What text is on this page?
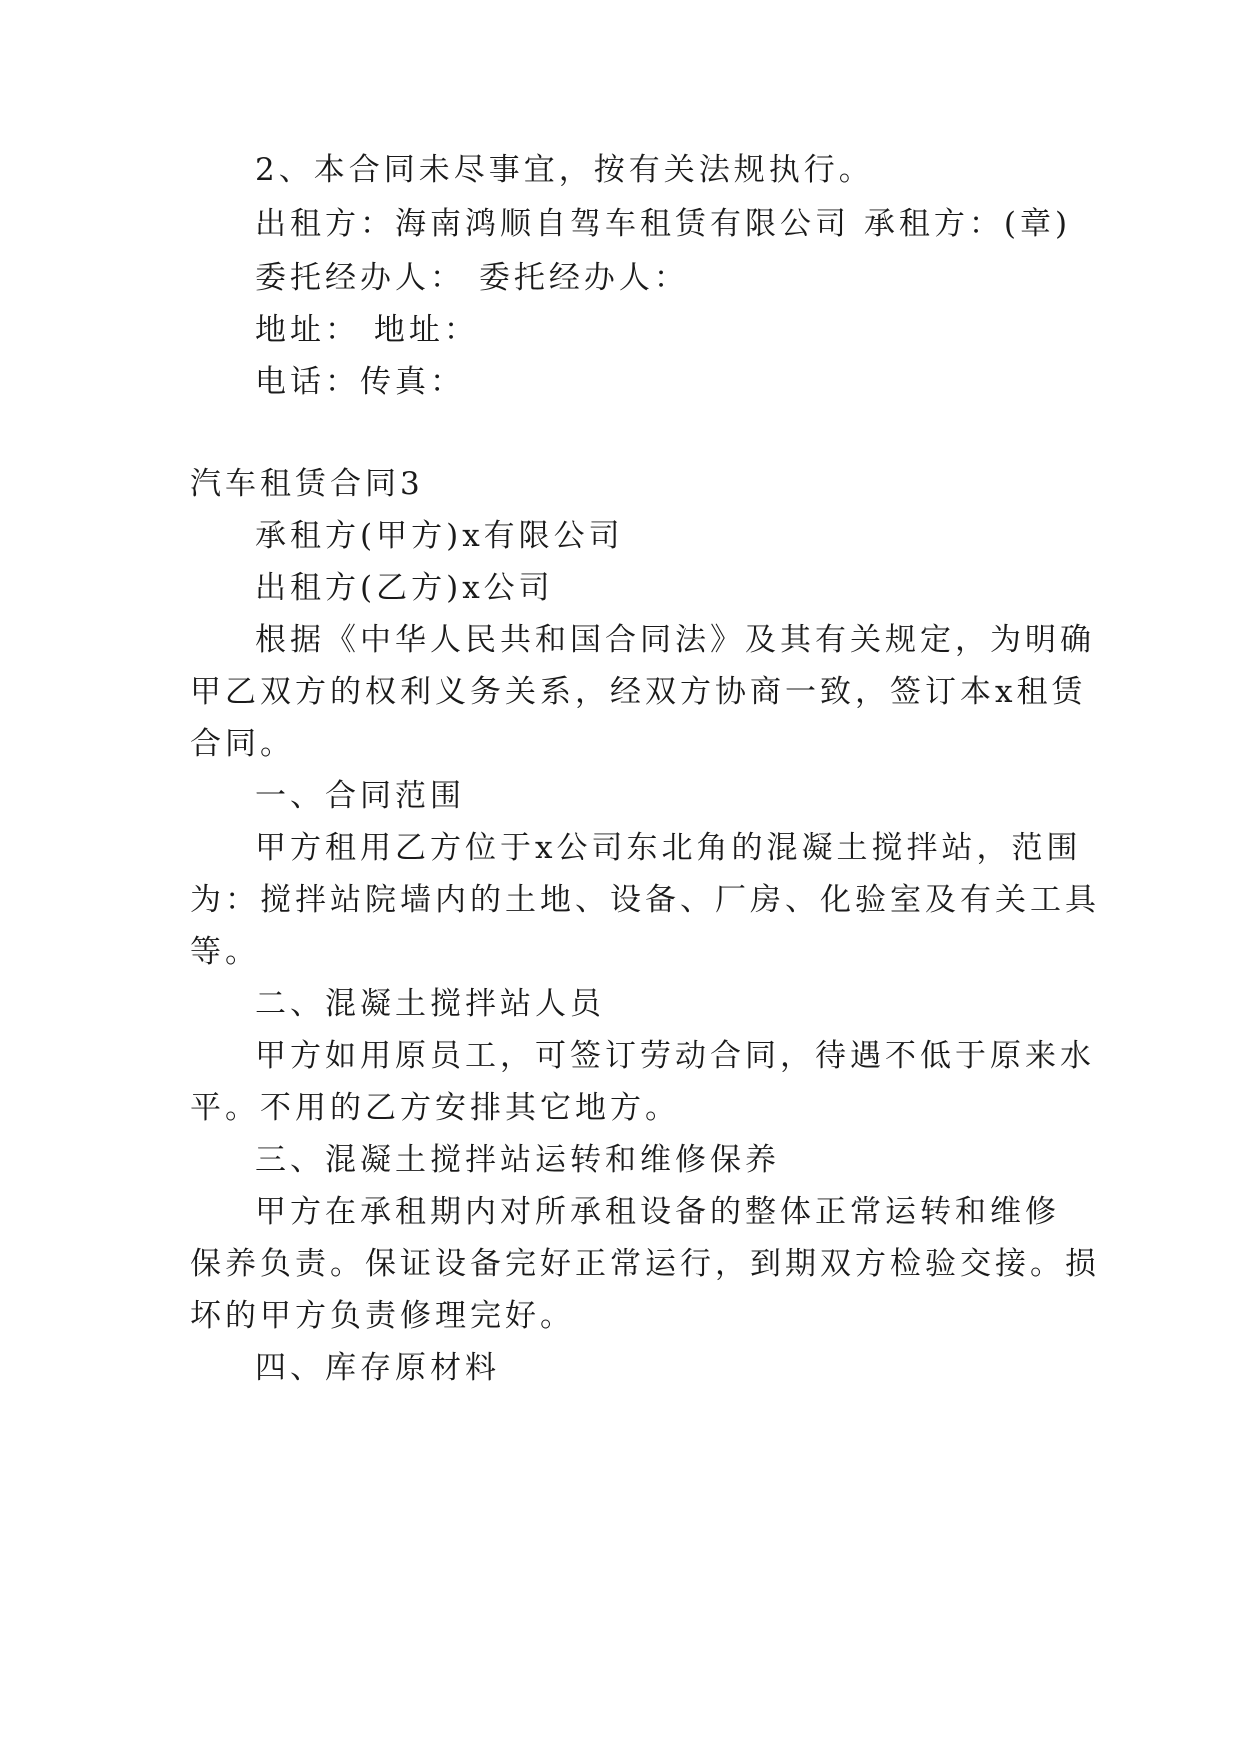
2、本合同未尽事宜，按有关法规执行。
出租方：海南鸿顺自驾车租赁有限公司 承租方：(章)
委托经办人： 委托经办人：
地址： 地址：
电话：传真：
汽车租赁合同3
承租方(甲方)x有限公司
出租方(乙方)x公司
根据《中华人民共和国合同法》及其有关规定，为明确
甲乙双方的权利义务关系，经双方协商一致，签订本x租赁
合同。
一、合同范围
甲方租用乙方位于x公司东北角的混凝土搅拌站，范围
为：搅拌站院墙内的土地、设备、厂房、化验室及有关工具
等。
二、混凝土搅拌站人员
甲方如用原员工，可签订劳动合同，待遇不低于原来水
平。不用的乙方安排其它地方。
三、混凝土搅拌站运转和维修保养
甲方在承租期内对所承租设备的整体正常运转和维修
保养负责。保证设备完好正常运行，到期双方检验交接。损
坏的甲方负责修理完好。
四、库存原材料
